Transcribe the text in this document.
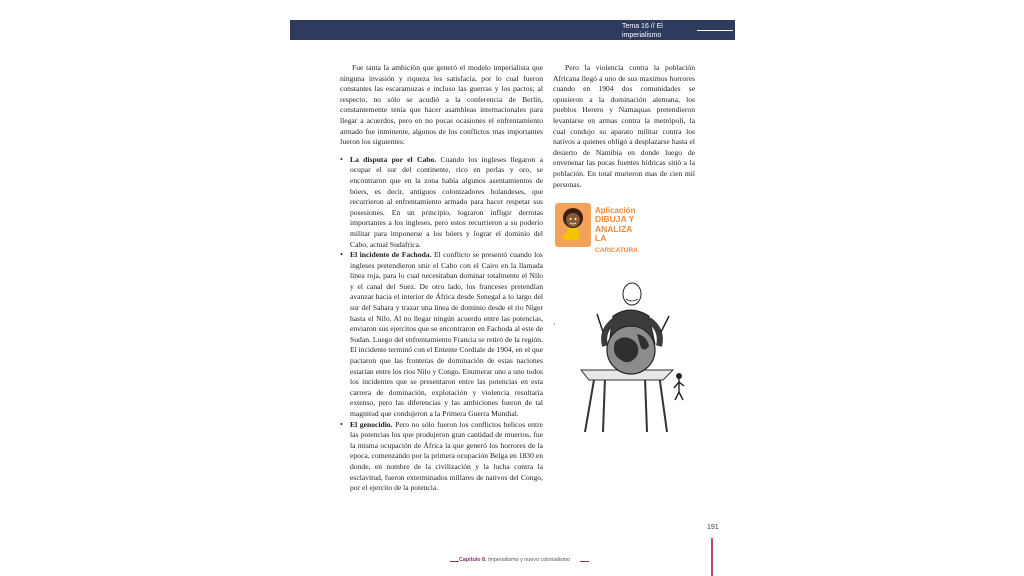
Tema 16 // El imperialismo

Fue tanta la ambición que generó el modelo imperialista que ninguna invasión y riqueza les satisfacía, por lo cual fueron constantes las escaramuzas e incluso las guerras y los pactos; al respecto, no sólo se acudió a la conferencia de Berlín, constantemente tenía que hacer asambleas internacionales para llegar a acuerdos, pero en no pocas ocasiones el enfrentamiento armado fue inminente, algunos de los conflictos mas importantes fueron los siguientes:

• La disputa por el Cabo. Cuando los ingleses llegaron a ocupar el sur del continente, rico en perlas y oro, se encontraron que en la zona había algunos asentamientos de bóers, es decir, antiguos colonizadores holandeses, que recurrieron al enfrentamiento armado para hacer respetar sus posesiones. En un principio, lograron infligir derrotas importantes a los ingleses, pero estos recurrieron a su poderío militar para imponerse a los bóers y lograr el dominio del Cabo, actual Sudafrica.
• El incidente de Fachoda. El conflicto se presentó cuando los ingleses pretendieron unir el Cabo con el Cairo en la llamada línea roja, para lo cual necesitaban dominar totalmente el Nilo y el canal del Suez. De otro lado, los franceses pretendían avanzar hacia el interior de África desde Senegal a lo largo del sur del Sahara y trazar una línea de dominio desde el rio Níger hasta el Nilo. Al no llegar ningún acuerdo entre las potencias, enviaron sus ejercitos que se encontraron en Fachoda al este de Sudan. Luego del enfrentamiento Francia se retiró de la región. El incidente terminó con el Entente Cordiale de 1904, en el que pactaron que las fronteras de dominación de estas naciones estarian entre los ríos Nilo y Congo. Enumerar uno a uno todos los incidentes que se presentaron entre las potencias en esta carrera de dominación, explotación y violencia resultaría extenso, pero las diferencias y las ambiciones fueron de tal magnitud que condujeron a la Primera Guerra Mundial.
• El genocidio. Pero no sólo fueron los conflictos belicos entre las potencias los que produjeron gran cantidad de muertos, fue la misma ocupación de África la que generó los horrores de la epoca, comenzando por la primera ocupación Belga en 1830 en donde, en nombre de la civilización y la lucha contra la esclavitud, fueron exterminados millares de nativos del Congo, por el ejercito de la potencia.

Pero la violencia contra la población Africana llegó a uno de sus maximos horrores cuando en 1904 dos comunidades se opusieron a la dominación alemana, los pueblos Herero y Namaquas pretendieron levantarse en armas contra la metrópoli, la cual condujo su aparato militar contra los nativos a quienes obligó a desplazarse hasta el desierto de Namibia en donde luego de envenenar las pocas fuentes hídricas sitió a la población. En total murieron mas de cien mil personas.

Aplicación

DIBUJA Y

ANALIZA

LA

CARICATURA

·
191
Capítulo 8. Imperialismo y nuevo colonialismo
